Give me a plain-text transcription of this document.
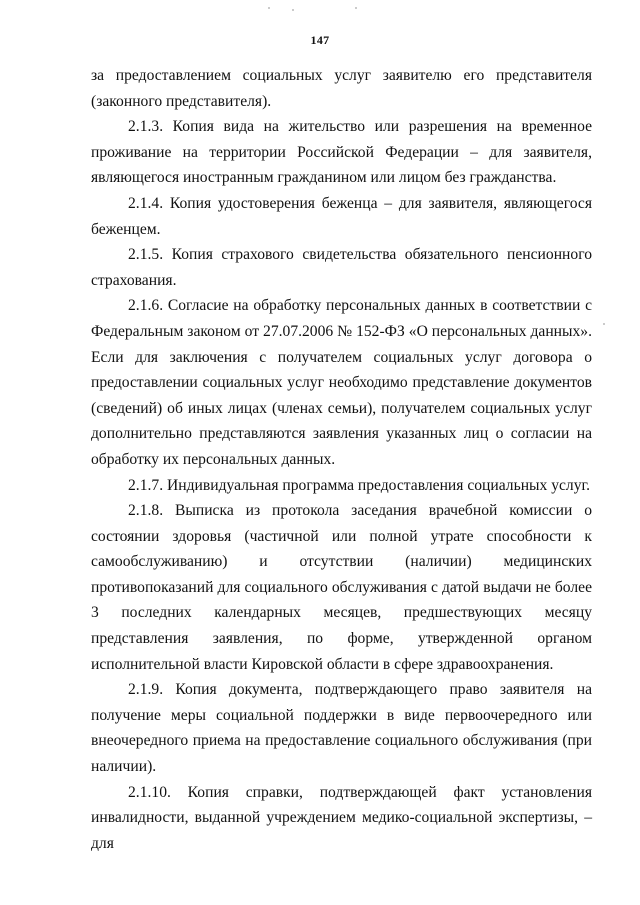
147

за предоставлением социальных услуг заявителю его представителя (законного представителя).

2.1.3. Копия вида на жительство или разрешения на временное проживание на территории Российской Федерации – для заявителя, являющегося иностранным гражданином или лицом без гражданства.

2.1.4. Копия удостоверения беженца – для заявителя, являющегося беженцем.

2.1.5. Копия страхового свидетельства обязательного пенсионного страхования.

2.1.6. Согласие на обработку персональных данных в соответствии с Федеральным законом от 27.07.2006 № 152-ФЗ «О персональных данных». Если для заключения с получателем социальных услуг договора о предоставлении социальных услуг необходимо представление документов (сведений) об иных лицах (членах семьи), получателем социальных услуг дополнительно представляются заявления указанных лиц о согласии на обработку их персональных данных.

2.1.7. Индивидуальная программа предоставления социальных услуг.

2.1.8. Выписка из протокола заседания врачебной комиссии о состоянии здоровья (частичной или полной утрате способности к самообслуживанию) и отсутствии (наличии) медицинских противопоказаний для социального обслуживания с датой выдачи не более 3 последних календарных месяцев, предшествующих месяцу представления заявления, по форме, утвержденной органом исполнительной власти Кировской области в сфере здравоохранения.

2.1.9. Копия документа, подтверждающего право заявителя на получение меры социальной поддержки в виде первоочередного или внеочередного приема на предоставление социального обслуживания (при наличии).

2.1.10. Копия справки, подтверждающей факт установления инвалидности, выданной учреждением медико-социальной экспертизы, – для
